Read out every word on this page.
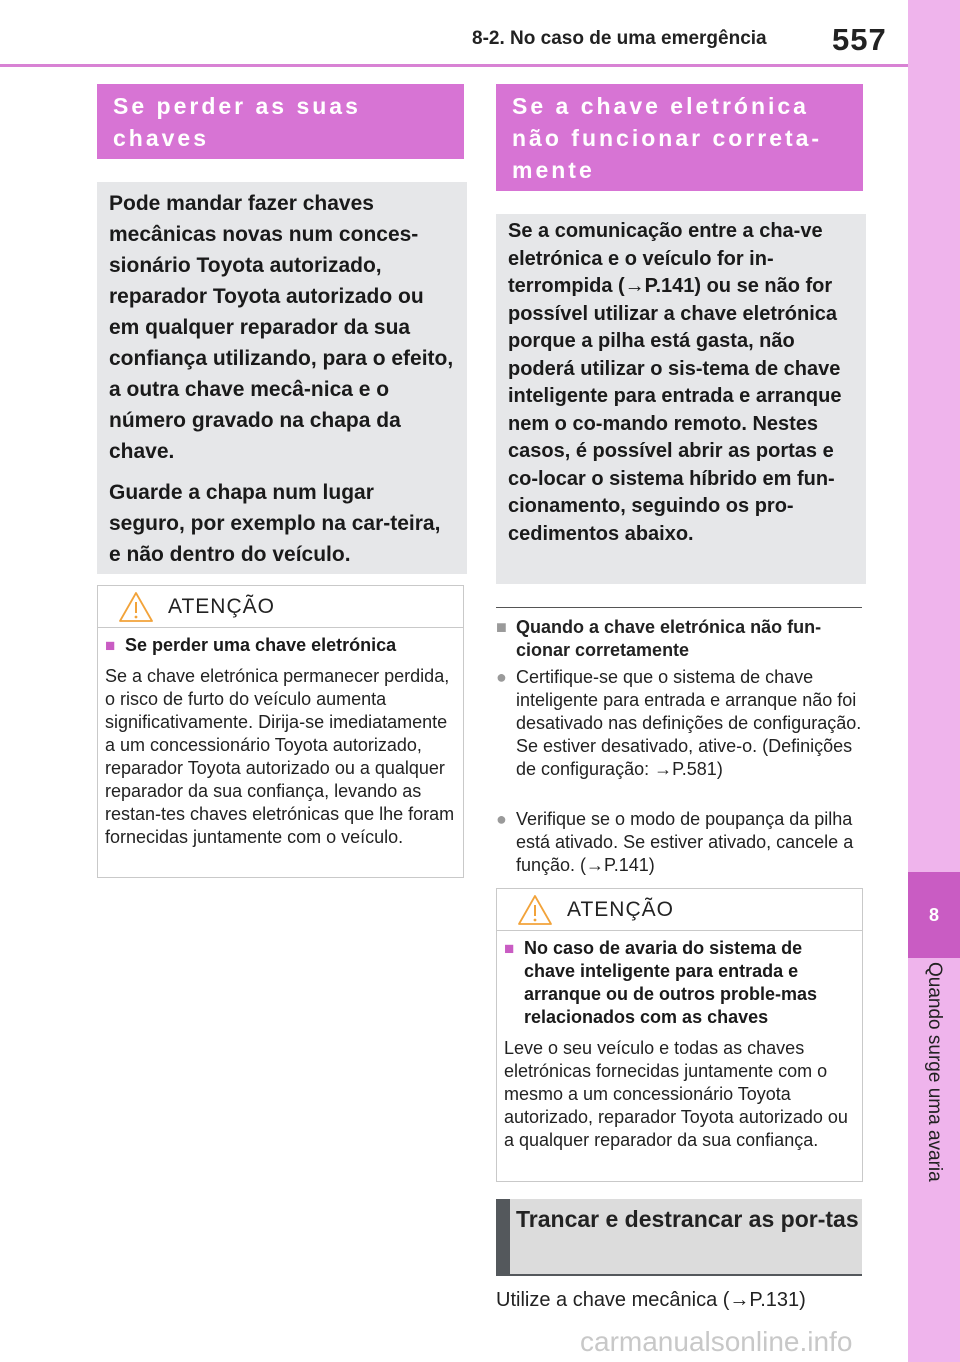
8-2. No caso de uma emergência 557
8
Quando surge uma avaria
Se perder as suas chaves

Pode mandar fazer chaves mecânicas novas num conces-sionário Toyota autorizado, reparador Toyota autorizado ou em qualquer reparador da sua confiança utilizando, para o efeito, a outra chave mecâ-nica e o número gravado na chapa da chave.

Guarde a chapa num lugar seguro, por exemplo na car-teira, e não dentro do veículo.

ATENÇÃO
■ Se perder uma chave eletrónica

Se a chave eletrónica permanecer perdida, o risco de furto do veículo aumenta significativamente. Dirija-se imediatamente a um concessionário Toyota autorizado, reparador Toyota autorizado ou a qualquer reparador da sua confiança, levando as restan-tes chaves eletrónicas que lhe foram fornecidas juntamente com o veículo.

Se a chave eletrónica não funcionar correta-mente

Se a comunicação entre a cha-ve eletrónica e o veículo for in-terrompida (→P.141) ou se não for possível utilizar a chave eletrónica porque a pilha está gasta, não poderá utilizar o sis-tema de chave inteligente para entrada e arranque nem o co-mando remoto. Nestes casos, é possível abrir as portas e co-locar o sistema híbrido em fun-cionamento, seguindo os pro-cedimentos abaixo.

■ Quando a chave eletrónica não fun-cionar corretamente
● Certifique-se que o sistema de chave inteligente para entrada e arranque não foi desativado nas definições de configuração. Se estiver desativado, ative-o. (Definições de configuração: →P.581)
● Verifique se o modo de poupança da pilha está ativado. Se estiver ativado, cancele a função. (→P.141)
ATENÇÃO
■ No caso de avaria do sistema de chave inteligente para entrada e arranque ou de outros proble-mas relacionados com as chaves

Leve o seu veículo e todas as chaves eletrónicas fornecidas juntamente com o mesmo a um concessionário Toyota autorizado, reparador Toyota autorizado ou a qualquer reparador da sua confiança.

Trancar e destrancar as por-tas
Utilize a chave mecânica (→P.131)
carmanualsonline.info
